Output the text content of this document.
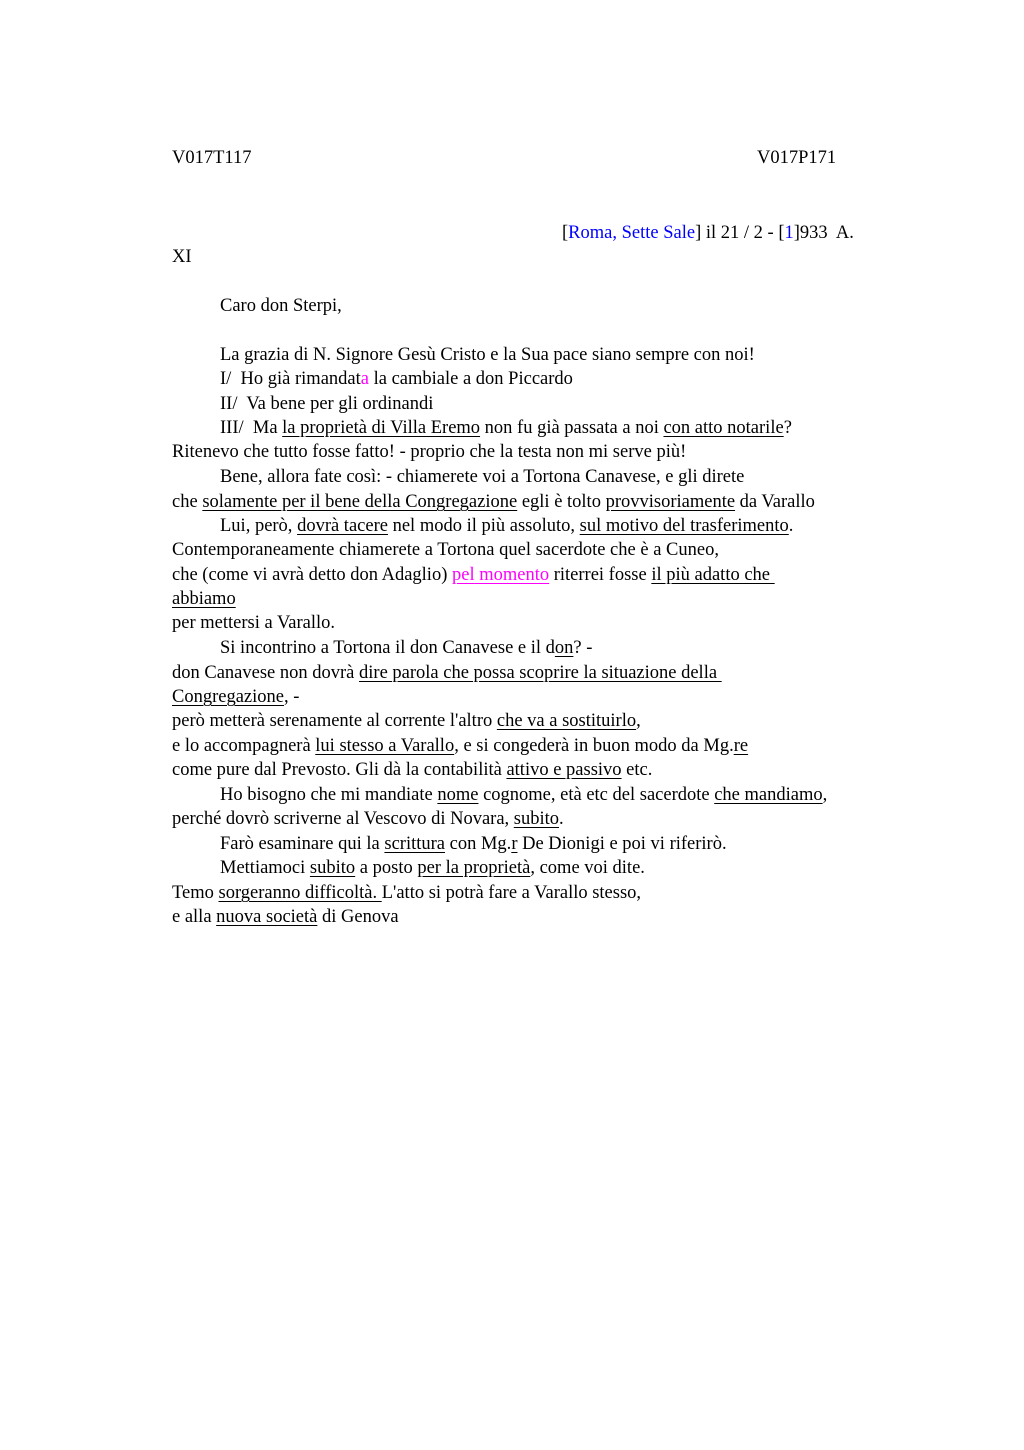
V017T117	V017P171
[Roma, Sette Sale] il 21 / 2 - [1]933  A.
XI
Caro don Sterpi,
La grazia di N. Signore Gesù Cristo e la Sua pace siano sempre con noi!
I/  Ho già rimandata la cambiale a don Piccardo
II/  Va bene per gli ordinandi
III/  Ma la proprietà di Villa Eremo non fu già passata a noi con atto notarile?
Ritenevo che tutto fosse fatto! - proprio che la testa non mi serve più!
Bene, allora fate così: - chiamerete voi a Tortona Canavese, e gli direte
che solamente per il bene della Congregazione egli è tolto provvisoriamente da Varallo
Lui, però, dovrà tacere nel modo il più assoluto, sul motivo del trasferimento.
Contemporaneamente chiamerete a Tortona quel sacerdote che è a Cuneo,
che (come vi avrà detto don Adaglio) pel momento riterrei fosse il più adatto che
abbiamo
per mettersi a Varallo.
Si incontrino a Tortona il don Canavese e il don? -
don Canavese non dovrà dire parola che possa scoprire la situazione della
Congregazione, -
però metterà serenamente al corrente l'altro che va a sostituirlo,
e lo accompagnerà lui stesso a Varallo, e si congederà in buon modo da Mg.re
come pure dal Prevosto. Gli dà la contabilità attivo e passivo etc.
Ho bisogno che mi mandiate nome cognome, età etc del sacerdote che mandiamo,
perché dovrò scriverne al Vescovo di Novara, subito.
Farò esaminare qui la scrittura con Mg.r De Dionigi e poi vi riferirò.
Mettiamoci subito a posto per la proprietà, come voi dite.
Temo sorgeranno difficoltà. L'atto si potrà fare a Varallo stesso,
e alla nuova società di Genova
